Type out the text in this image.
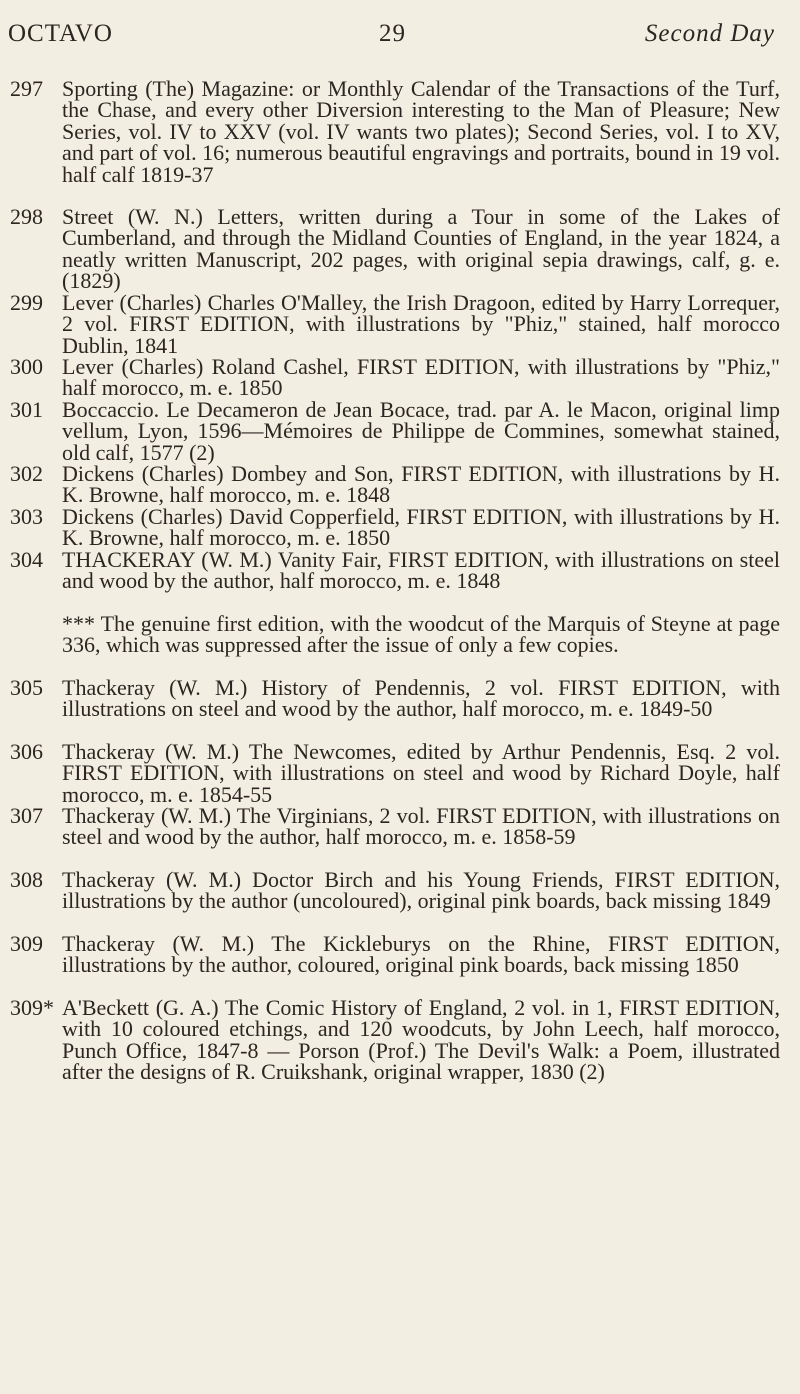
OCTAVO	29	Second Day
297 Sporting (The) Magazine: or Monthly Calendar of the Transactions of the Turf, the Chase, and every other Diversion interesting to the Man of Pleasure; New Series, vol. IV to XXV (vol. IV wants two plates); Second Series, vol. I to XV, and part of vol. 16; numerous beautiful engravings and portraits, bound in 19 vol. half calf 1819-37
298 Street (W. N.) Letters, written during a Tour in some of the Lakes of Cumberland, and through the Midland Counties of England, in the year 1824, a neatly written Manuscript, 202 pages, with original sepia drawings, calf, g. e. (1829)
299 Lever (Charles) Charles O'Malley, the Irish Dragoon, edited by Harry Lorrequer, 2 vol. FIRST EDITION, with illustrations by "Phiz," stained, half morocco Dublin, 1841
300 Lever (Charles) Roland Cashel, FIRST EDITION, with illustrations by "Phiz," half morocco, m. e. 1850
301 Boccaccio. Le Decameron de Jean Bocace, trad. par A. le Macon, original limp vellum, Lyon, 1596—Mémoires de Philippe de Commines, somewhat stained, old calf, 1577 (2)
302 Dickens (Charles) Dombey and Son, FIRST EDITION, with illustrations by H. K. Browne, half morocco, m. e. 1848
303 Dickens (Charles) David Copperfield, FIRST EDITION, with illustrations by H. K. Browne, half morocco, m. e. 1850
304 THACKERAY (W. M.) Vanity Fair, FIRST EDITION, with illustrations on steel and wood by the author, half morocco, m. e. 1848
*** The genuine first edition, with the woodcut of the Marquis of Steyne at page 336, which was suppressed after the issue of only a few copies.
305 Thackeray (W. M.) History of Pendennis, 2 vol. FIRST EDITION, with illustrations on steel and wood by the author, half morocco, m. e. 1849-50
306 Thackeray (W. M.) The Newcomes, edited by Arthur Pendennis, Esq. 2 vol. FIRST EDITION, with illustrations on steel and wood by Richard Doyle, half morocco, m. e. 1854-55
307 Thackeray (W. M.) The Virginians, 2 vol. FIRST EDITION, with illustrations on steel and wood by the author, half morocco, m. e. 1858-59
308 Thackeray (W. M.) Doctor Birch and his Young Friends, FIRST EDITION, illustrations by the author (uncoloured), original pink boards, back missing 1849
309 Thackeray (W. M.) The Kickleburys on the Rhine, FIRST EDITION, illustrations by the author, coloured, original pink boards, back missing 1850
309* A'Beckett (G. A.) The Comic History of England, 2 vol. in 1, FIRST EDITION, with 10 coloured etchings, and 120 woodcuts, by John Leech, half morocco, Punch Office, 1847-8 — Porson (Prof.) The Devil's Walk: a Poem, illustrated after the designs of R. Cruikshank, original wrapper, 1830 (2)
